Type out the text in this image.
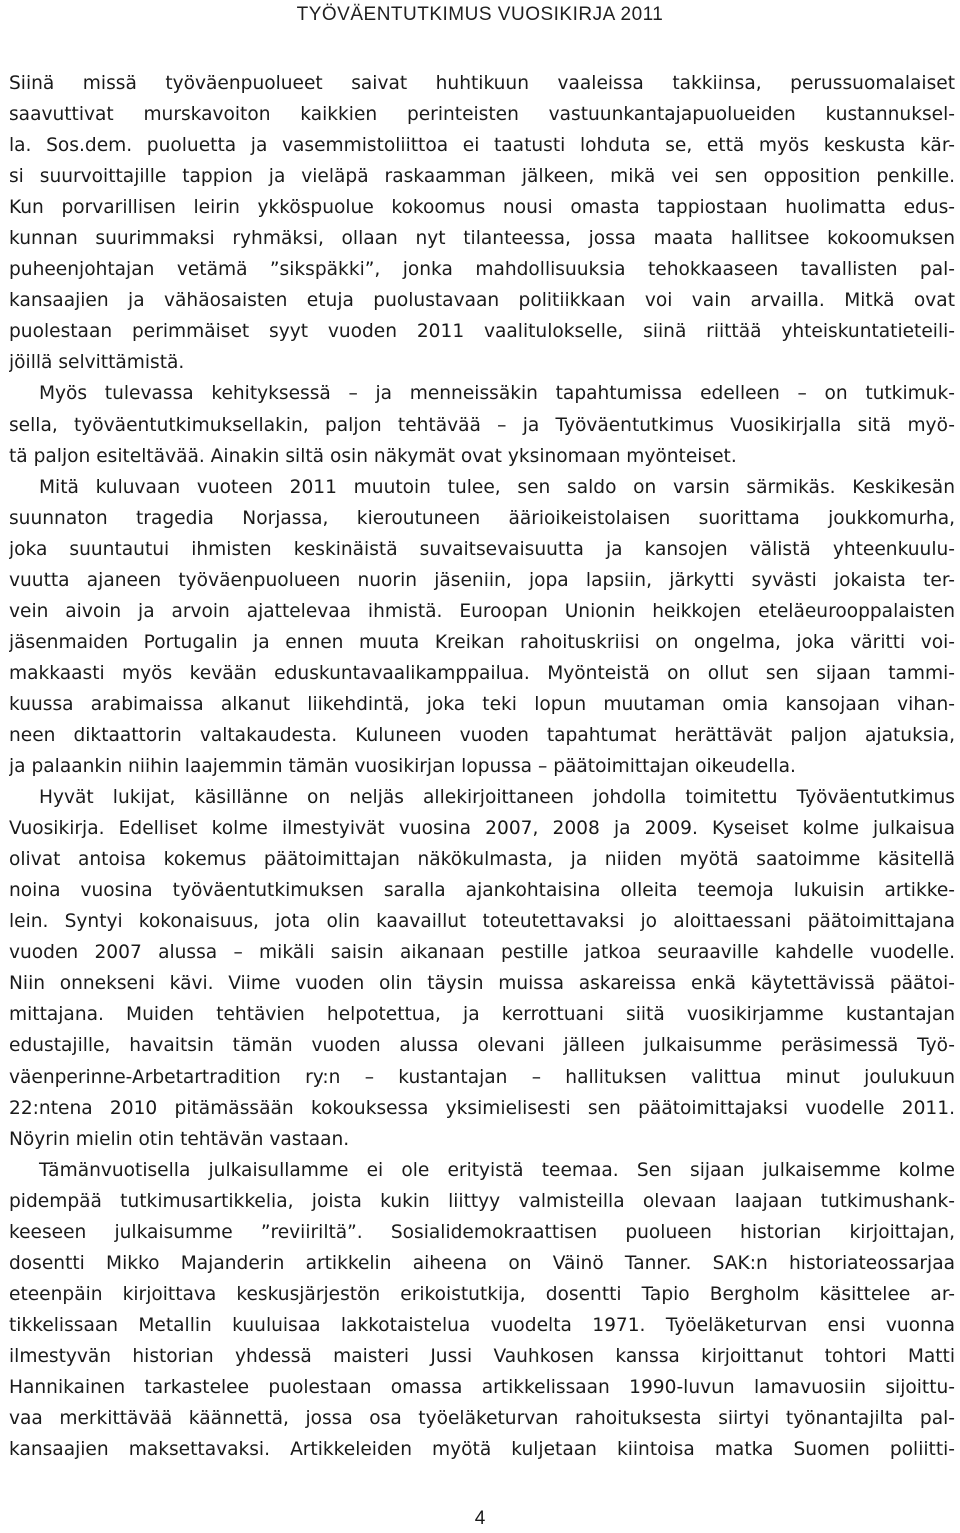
TYÖVÄENTUTKIMUS VUOSIKIRJA 2011
Siinä missä työväenpuolueet saivat huhtikuun vaaleissa takkiinsa, perussuomalaiset
saavuttivat murskavoiton kaikkien perinteisten vastuunkantajapuolueiden kustannuksel-
la. Sos.dem. puoluetta ja vasemmistoliittoa ei taatusti lohduta se, että myös keskusta kär-
si suurvoittajille tappion ja vieläpä raskaamman jälkeen, mikä vei sen opposition penkille.
Kun porvarillisen leirin ykköspuolue kokoomus nousi omasta tappiostaan huolimatta edus-
kunnan suurimmaksi ryhmäksi, ollaan nyt tilanteessa, jossa maata hallitsee kokoomuksen
puheenjohtajan vetämä ”sikspäkki”, jonka mahdollisuuksia tehokkaaseen tavallisten pal-
kansaajien ja vähäosaisten etuja puolustavaan politiikkaan voi vain arvailla. Mitkä ovat
puolestaan perimmäiset syyt vuoden 2011 vaalitulokselle, siinä riittää yhteiskuntatieteili-
jöillä selvittämistä.
Myös tulevassa kehityksessä – ja menneissäkin tapahtumissa edelleen – on tutkimuk-
sella, työväentutkimuksellakin, paljon tehtävää – ja Työväentutkimus Vuosikirjalla sitä myö-
tä paljon esiteltävää. Ainakin siltä osin näkymät ovat yksinomaan myönteiset.
Mitä kuluvaan vuoteen 2011 muutoin tulee, sen saldo on varsin särmikäs. Keskikesän
suunnaton tragedia Norjassa, kieroutuneen äärioikeistolaisen suorittama joukkomurha,
joka suuntautui ihmisten keskinäistä suvaitsevaisuutta ja kansojen välistä yhteenkuulu-
vuutta ajaneen työväenpuolueen nuorin jäseniin, jopa lapsiin, järkytti syvästi jokaista ter-
vein aivoin ja arvoin ajattelevaa ihmistä. Euroopan Unionin heikkojen eteläeurooppalaisten
jäsenmaiden Portugalin ja ennen muuta Kreikan rahoituskriisi on ongelma, joka väritti voi-
makkaasti myös kevään eduskuntavaalikamppailua. Myönteistä on ollut sen sijaan tammi-
kuussa arabimaissa alkanut liikehdintä, joka teki lopun muutaman omia kansojaan vihan-
neen diktaattorin valtakaudesta. Kuluneen vuoden tapahtumat herättävät paljon ajatuksia,
ja palaankin niihin laajemmin tämän vuosikirjan lopussa – päätoimittajan oikeudella.
Hyvät lukijat, käsillänne on neljäs allekirjoittaneen johdolla toimitettu Työväentutkimus
Vuosikirja. Edelliset kolme ilmestyivät vuosina 2007, 2008 ja 2009. Kyseiset kolme julkaisua
olivat antoisa kokemus päätoimittajan näkökulmasta, ja niiden myötä saatoimme käsitellä
noina vuosina työväentutkimuksen saralla ajankohtaisina olleita teemoja lukuisin artikke-
lein. Syntyi kokonaisuus, jota olin kaavaillut toteutettavaksi jo aloittaessani päätoimittajana
vuoden 2007 alussa – mikäli saisin aikanaan pestille jatkoa seuraaville kahdelle vuodelle.
Niin onnekseni kävi. Viime vuoden olin täysin muissa askareissa enkä käytettävissä päätoi-
mittajana. Muiden tehtävien helpotettua, ja kerrottuani siitä vuosikirjamme kustantajan
edustajille, havaitsin tämän vuoden alussa olevani jälleen julkaisumme peräsimessä Työ-
väenperinne-Arbetartradition ry:n – kustantajan – hallituksen valittua minut joulukuun
22:ntena 2010 pitämässään kokouksessa yksimielisesti sen päätoimittajaksi vuodelle 2011.
Nöyrin mielin otin tehtävän vastaan.
Tämänvuotisella julkaisullamme ei ole erityistä teemaa. Sen sijaan julkaisemme kolme
pidempää tutkimusartikkelia, joista kukin liittyy valmisteilla olevaan laajaan tutkimushank-
keeseen julkaisumme ”reviiriltä”. Sosialidemokraattisen puolueen historian kirjoittajan,
dosentti Mikko Majanderin artikkelin aiheena on Väinö Tanner. SAK:n historiateossarjaa
eteenpäin kirjoittava keskusjärjestön erikoistutkija, dosentti Tapio Bergholm käsittelee ar-
tikkelissaan Metallin kuuluisaa lakkotaistelua vuodelta 1971. Työeläketurvan ensi vuonna
ilmestyvän historian yhdessä maisteri Jussi Vauhkosen kanssa kirjoittanut tohtori Matti
Hannikainen tarkastelee puolestaan omassa artikkelissaan 1990-luvun lamavuosiin sijoittu-
vaa merkittävää käännettä, jossa osa työeläketurvan rahoituksesta siirtyi työnantajilta pal-
kansaajien maksettavaksi. Artikkeleiden myötä kuljetaan kiintoisa matka Suomen poliitti-
4
